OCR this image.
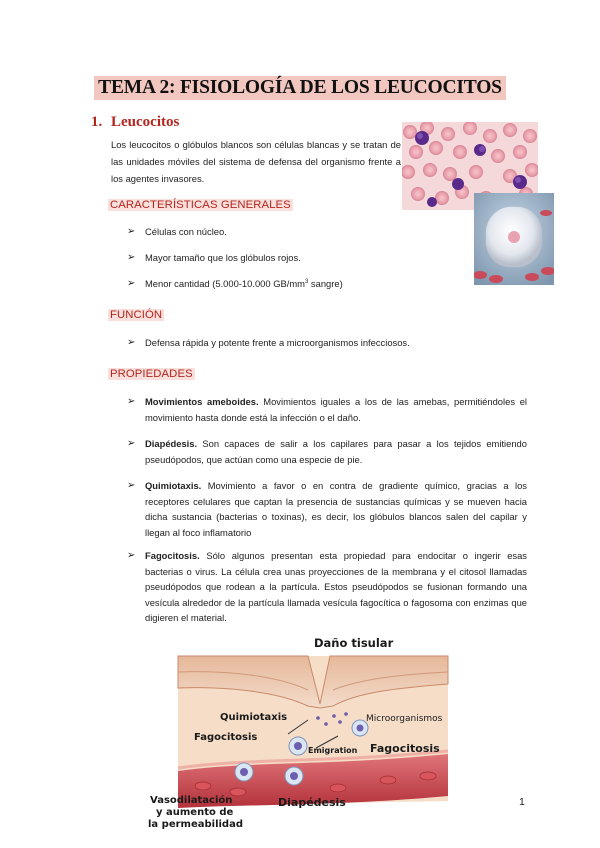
TEMA 2: FISIOLOGÍA DE LOS LEUCOCITOS
1. Leucocitos
Los leucocitos o glóbulos blancos son células blancas y se tratan de las unidades móviles del sistema de defensa del organismo frente a los agentes invasores.
CARACTERÍSTICAS GENERALES
➢ Células con núcleo.
➢ Mayor tamaño que los glóbulos rojos.
➢ Menor cantidad (5.000-10.000 $GB/mm^3$ sangre)
FUNCIÓN
➢ Defensa rápida y potente frente a microorganismos infecciosos.
PROPIEDADES
➢ Movimientos ameboides. Movimientos iguales a los de las amebas, permitiéndoles el movimiento hasta donde está la infección o el daño.
➢ Diapédesis. Son capaces de salir a los capilares para pasar a los tejidos emitiendo pseudópodos, que actúan como una especie de pie.
➢ Quimiotaxis. Movimiento a favor o en contra de gradiente químico, gracias a los receptores celulares que captan la presencia de sustancias químicas y se mueven hacia dicha sustancia (bacterias o toxinas), es decir, los glóbulos blancos salen del capilar y llegan al foco inflamatorio
➢ Fagocitosis. Sólo algunos presentan esta propiedad para endocitar o ingerir esas bacterias o virus. La célula crea unas proyecciones de la membrana y el citosol llamadas pseudópodos que rodean a la partícula. Estos pseudópodos se fusionan formando una vesícula alrededor de la partícula llamada vesícula fagocítica o fagosoma con enzimas que digieren el material.
Daño tisular
Quimiotaxis	Microorganismos
Fagocitosis
Emigration Fagocitosis
Vasodilatación
y aumento de
la permeabilidad
Diapédesis	1
